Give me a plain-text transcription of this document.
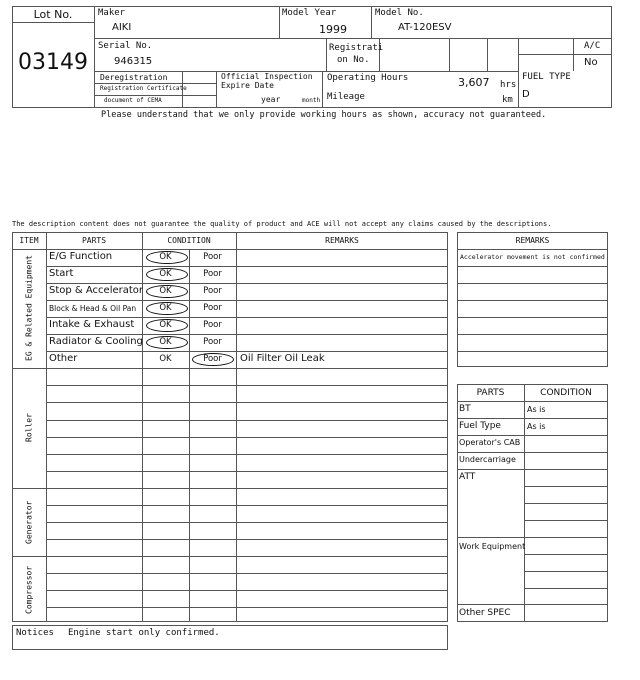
Lot No.
03149
Maker
AIKI
Model Year
1999
Model No.
AT-120ESV
Serial No.
946315
Registrati
on No.
A/C
No
Deregistration
Registration Certificate
document of CEMA
Official Inspection
Expire Date
year	month
Operating Hours	3,607 hrs
Mileage	km
FUEL TYPE
D
Please understand that we only provide working hours as shown, accuracy not guaranteed.
The description content does not guarantee the quality of product and ACE will not accept any claims caused by the descriptions.
Notices Engine start only confirmed.
ITEM	PARTS	CONDITION	REMARKS
EG & Related Equipment
Roller
Generator
Compressor
E/G Function	OK	Poor
Start	OK	Poor
Stop & Accelerator	OK	Poor
Block & Head & Oil Pan	OK	Poor
Intake & Exhaust	OK	Poor
Radiator & Cooling	OK	Poor
Other	OK	Poor	Oil Filter Oil Leak
REMARKS
Accelerator movement is not confirmed
PARTS	CONDITION
BT	As is
Fuel Type	As is
Operator's CAB
Undercarriage
ATT
Work Equipment
Other SPEC
